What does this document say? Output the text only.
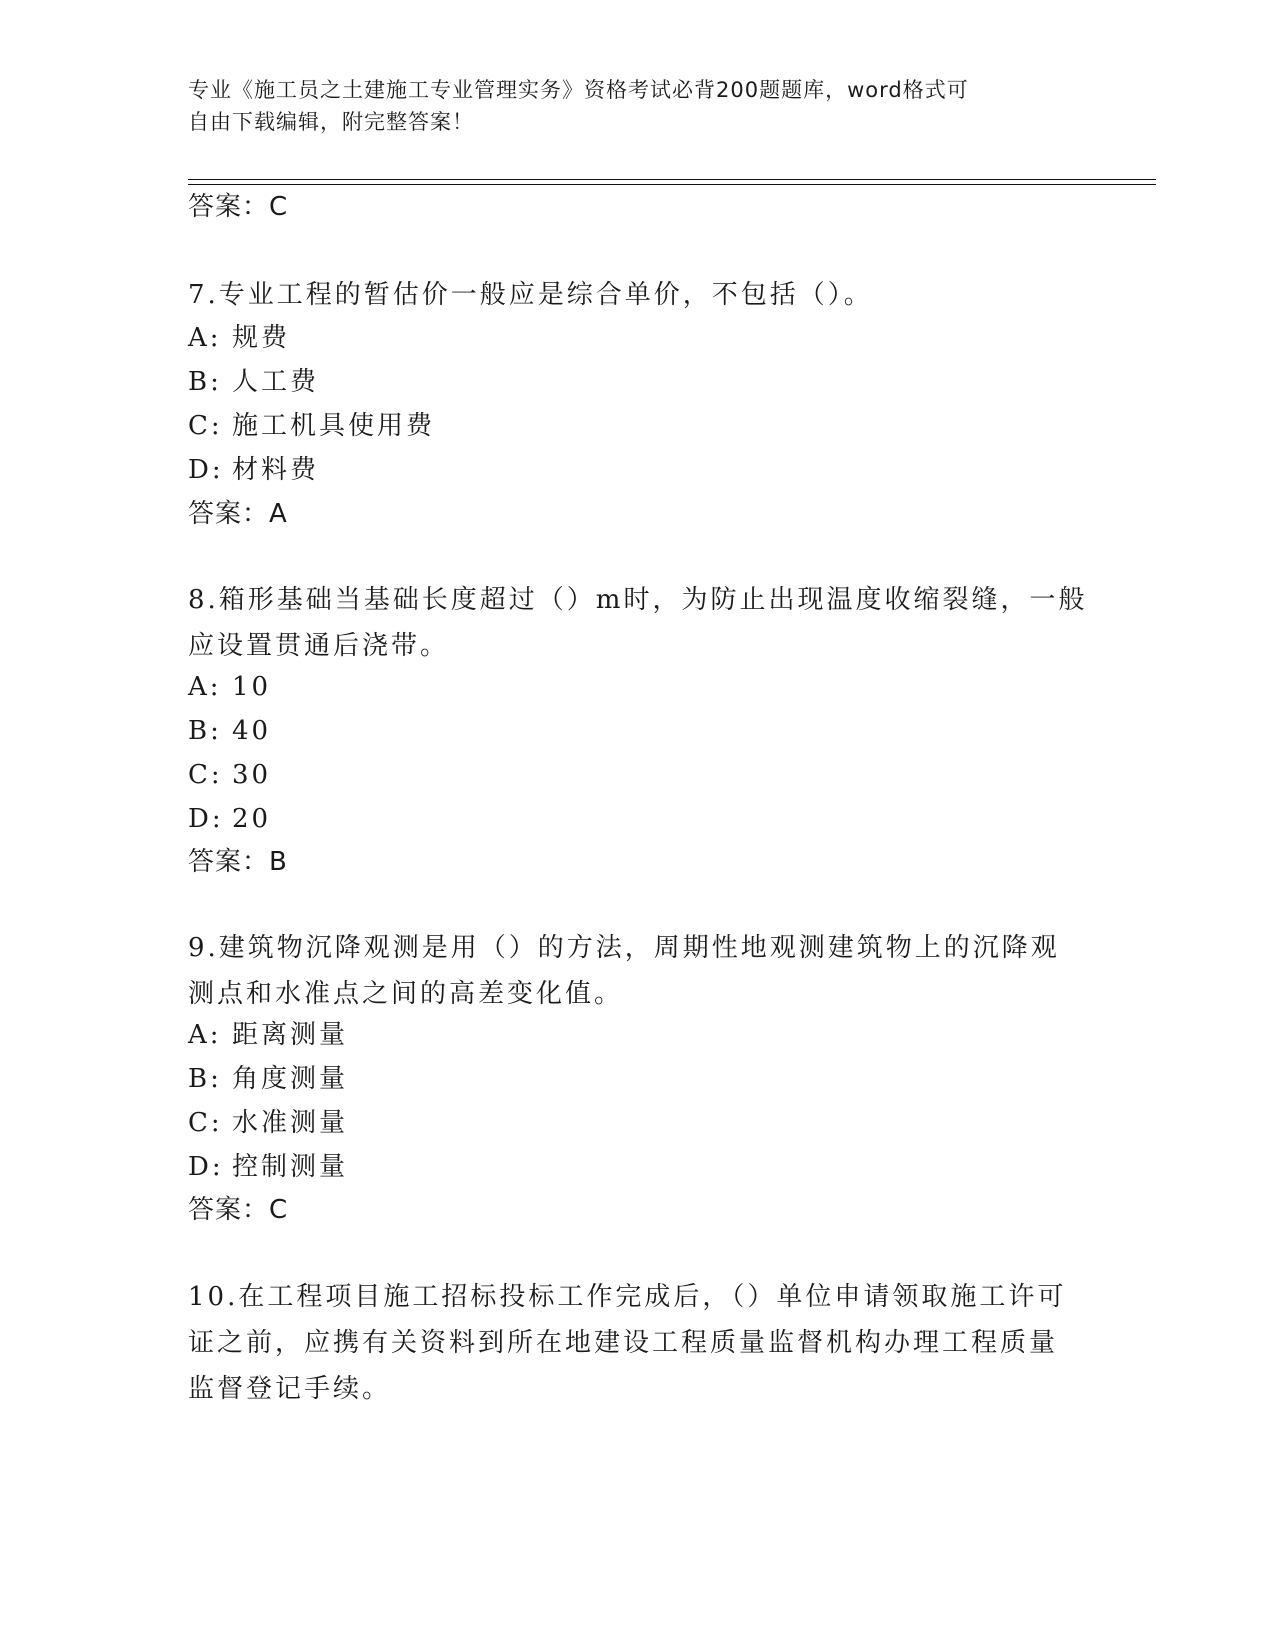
专业《施工员之土建施工专业管理实务》资格考试必背200题题库，word格式可
自由下载编辑，附完整答案！
答案：C
7.专业工程的暂估价一般应是综合单价，不包括（）。
A: 规费
B: 人工费
C: 施工机具使用费
D: 材料费
答案：A
8.箱形基础当基础长度超过（）m时，为防止出现温度收缩裂缝，一般
应设置贯通后浇带。
A: 10
B: 40
C: 30
D: 20
答案：B
9.建筑物沉降观测是用（）的方法，周期性地观测建筑物上的沉降观
测点和水准点之间的高差变化值。
A: 距离测量
B: 角度测量
C: 水准测量
D: 控制测量
答案：C
10.在工程项目施工招标投标工作完成后，（）单位申请领取施工许可
证之前，应携有关资料到所在地建设工程质量监督机构办理工程质量
监督登记手续。
